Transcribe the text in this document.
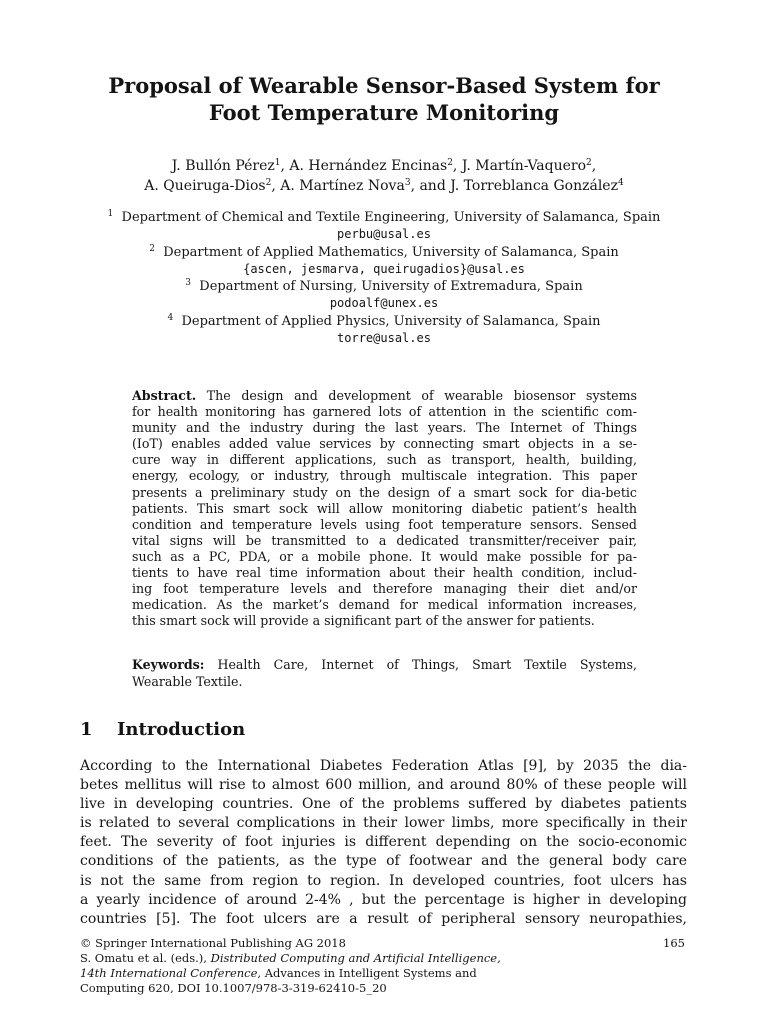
Proposal of Wearable Sensor-Based System for
Foot Temperature Monitoring
J. Bullón Pérez$^1$, A. Hernández Encinas$^2$, J. Martín-Vaquero$^2$,
A. Queiruga-Dios$^2$, A. Martínez Nova$^3$, and J. Torreblanca González$^4$
$^1$ Department of Chemical and Textile Engineering, University of Salamanca, Spain
perbu@usal.es
$^2$ Department of Applied Mathematics, University of Salamanca, Spain
{ascen, jesmarva, queirugadios}@usal.es
$^3$ Department of Nursing, University of Extremadura, Spain
podoalf@unex.es
$^4$ Department of Applied Physics, University of Salamanca, Spain
torre@usal.es
Abstract. The design and development of wearable biosensor systems
for health monitoring has garnered lots of attention in the scientific com-
munity and the industry during the last years. The Internet of Things
(IoT) enables added value services by connecting smart objects in a se-
cure way in different applications, such as transport, health, building,
energy, ecology, or industry, through multiscale integration. This paper
presents a preliminary study on the design of a smart sock for dia-betic
patients. This smart sock will allow monitoring diabetic patient’s health
condition and temperature levels using foot temperature sensors. Sensed
vital signs will be transmitted to a dedicated transmitter/receiver pair,
such as a PC, PDA, or a mobile phone. It would make possible for pa-
tients to have real time information about their health condition, includ-
ing foot temperature levels and therefore managing their diet and/or
medication. As the market’s demand for medical information increases,
this smart sock will provide a significant part of the answer for patients.
Keywords: Health Care, Internet of Things, Smart Textile Systems,
Wearable Textile.
1 Introduction
According to the International Diabetes Federation Atlas [9], by 2035 the dia-
betes mellitus will rise to almost 600 million, and around 80% of these people will
live in developing countries. One of the problems suffered by diabetes patients
is related to several complications in their lower limbs, more specifically in their
feet. The severity of foot injuries is different depending on the socio-economic
conditions of the patients, as the type of footwear and the general body care
is not the same from region to region. In developed countries, foot ulcers has
a yearly incidence of around 2-4% , but the percentage is higher in developing
countries [5]. The foot ulcers are a result of peripheral sensory neuropathies,
© Springer International Publishing AG 2018	165
S. Omatu et al. (eds.), Distributed Computing and Artificial Intelligence,
14th International Conference, Advances in Intelligent Systems and
Computing 620, DOI 10.1007/978-3-319-62410-5_20
